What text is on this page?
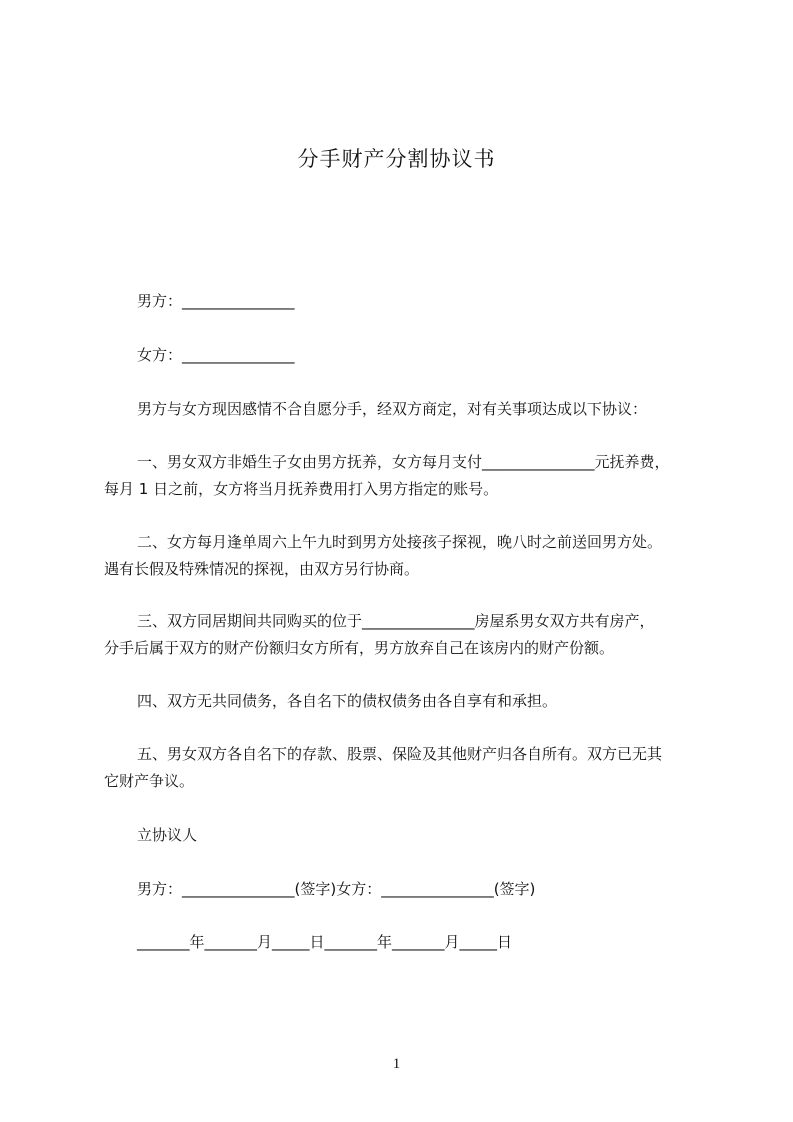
分手财产分割协议书
男方：_______________
女方：_______________
男方与女方现因感情不合自愿分手，经双方商定，对有关事项达成以下协议：
一、男女双方非婚生子女由男方抚养，女方每月支付_______________元抚养费，
每月 1 日之前，女方将当月抚养费用打入男方指定的账号。
二、女方每月逢单周六上午九时到男方处接孩子探视，晚八时之前送回男方处。
遇有长假及特殊情况的探视，由双方另行协商。
三、双方同居期间共同购买的位于_______________房屋系男女双方共有房产，
分手后属于双方的财产份额归女方所有，男方放弃自己在该房内的财产份额。
四、双方无共同债务，各自名下的债权债务由各自享有和承担。
五、男女双方各自名下的存款、股票、保险及其他财产归各自所有。双方已无其
它财产争议。
立协议人
男方：_______________(签字)女方：_______________(签字)
_______年_______月_____日_______年_______月_____日
1
